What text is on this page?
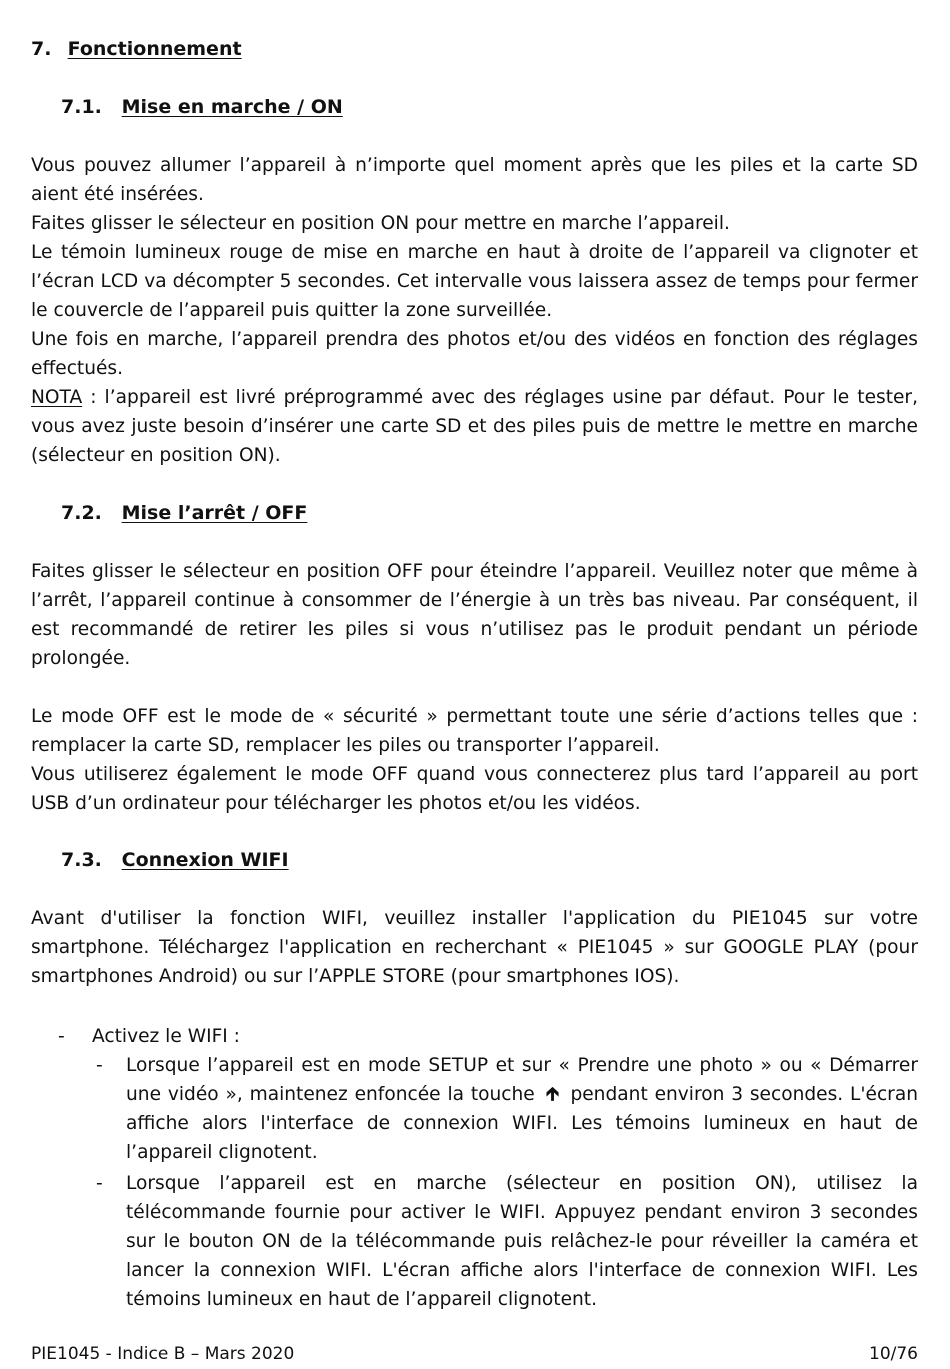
7. Fonctionnement
7.1. Mise en marche / ON

Vous pouvez allumer l’appareil à n’importe quel moment après que les piles et la carte SD aient été insérées.

Faites glisser le sélecteur en position ON pour mettre en marche l’appareil.

Le témoin lumineux rouge de mise en marche en haut à droite de l’appareil va clignoter et l’écran LCD va décompter 5 secondes. Cet intervalle vous laissera assez de temps pour fermer le couvercle de l’appareil puis quitter la zone surveillée.

Une fois en marche, l’appareil prendra des photos et/ou des vidéos en fonction des réglages effectués.

NOTA : l’appareil est livré préprogrammé avec des réglages usine par défaut. Pour le tester, vous avez juste besoin d’insérer une carte SD et des piles puis de mettre le mettre en marche (sélecteur en position ON).

7.2. Mise l’arrêt / OFF

Faites glisser le sélecteur en position OFF pour éteindre l’appareil. Veuillez noter que même à l’arrêt, l’appareil continue à consommer de l’énergie à un très bas niveau. Par conséquent, il est recommandé de retirer les piles si vous n’utilisez pas le produit pendant un période prolongée.

Le mode OFF est le mode de « sécurité » permettant toute une série d’actions telles que : remplacer la carte SD, remplacer les piles ou transporter l’appareil.

Vous utiliserez également le mode OFF quand vous connecterez plus tard l’appareil au port USB d’un ordinateur pour télécharger les photos et/ou les vidéos.

7.3. Connexion WIFI

Avant d'utiliser la fonction WIFI, veuillez installer l'application du PIE1045 sur votre smartphone. Téléchargez l'application en recherchant « PIE1045 » sur GOOGLE PLAY (pour smartphones Android) ou sur l’APPLE STORE (pour smartphones IOS).

- Activez le WIFI :
- Lorsque l’appareil est en mode SETUP et sur « Prendre une photo » ou « Démarrer une vidéo », maintenez enfoncée la touche 🡱 pendant environ 3 secondes. L'écran affiche alors l'interface de connexion WIFI. Les témoins lumineux en haut de l’appareil clignotent.
- Lorsque l’appareil est en marche (sélecteur en position ON), utilisez la télécommande fournie pour activer le WIFI. Appuyez pendant environ 3 secondes sur le bouton ON de la télécommande puis relâchez-le pour réveiller la caméra et lancer la connexion WIFI. L'écran affiche alors l'interface de connexion WIFI. Les témoins lumineux en haut de l’appareil clignotent.
PIE1045 - Indice B – Mars 2020	10/76
